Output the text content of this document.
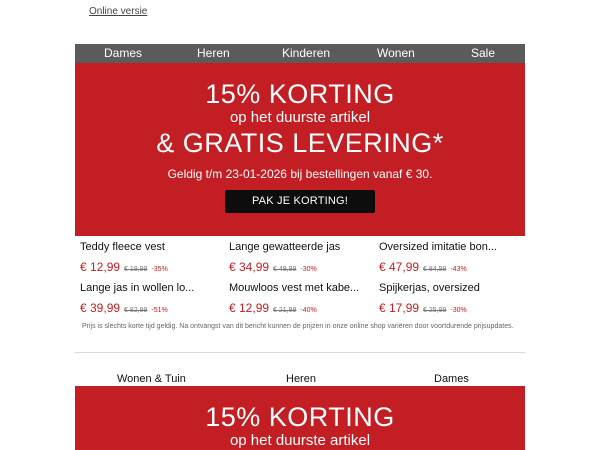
Online versie
Dames	Heren	Kinderen	Wonen	Sale
15% KORTING
op het duurste artikel
& GRATIS LEVERING*
Geldig t/m 23-01-2026 bij bestellingen vanaf € 30.
PAK JE KORTING!
Teddy fleece vest
€ 12,99 € 19,99 -35%
Lange gewatteerde jas
€ 34,99 € 49,99 -30%
Oversized imitatie bon...
€ 47,99 € 84,99 -43%
Lange jas in wollen lo...
€ 39,99 € 82,99 -51%
Mouwloos vest met kabe...
€ 12,99 € 21,99 -40%
Spijkerjas, oversized
€ 17,99 € 25,99 -30%
Prijs is slechts korte tijd geldig. Na ontvangst van dit bericht kunnen de prijzen in onze online shop variëren door voortdurende prijsupdates.
Wonen & Tuin	Heren	Dames
15% KORTING
op het duurste artikel
